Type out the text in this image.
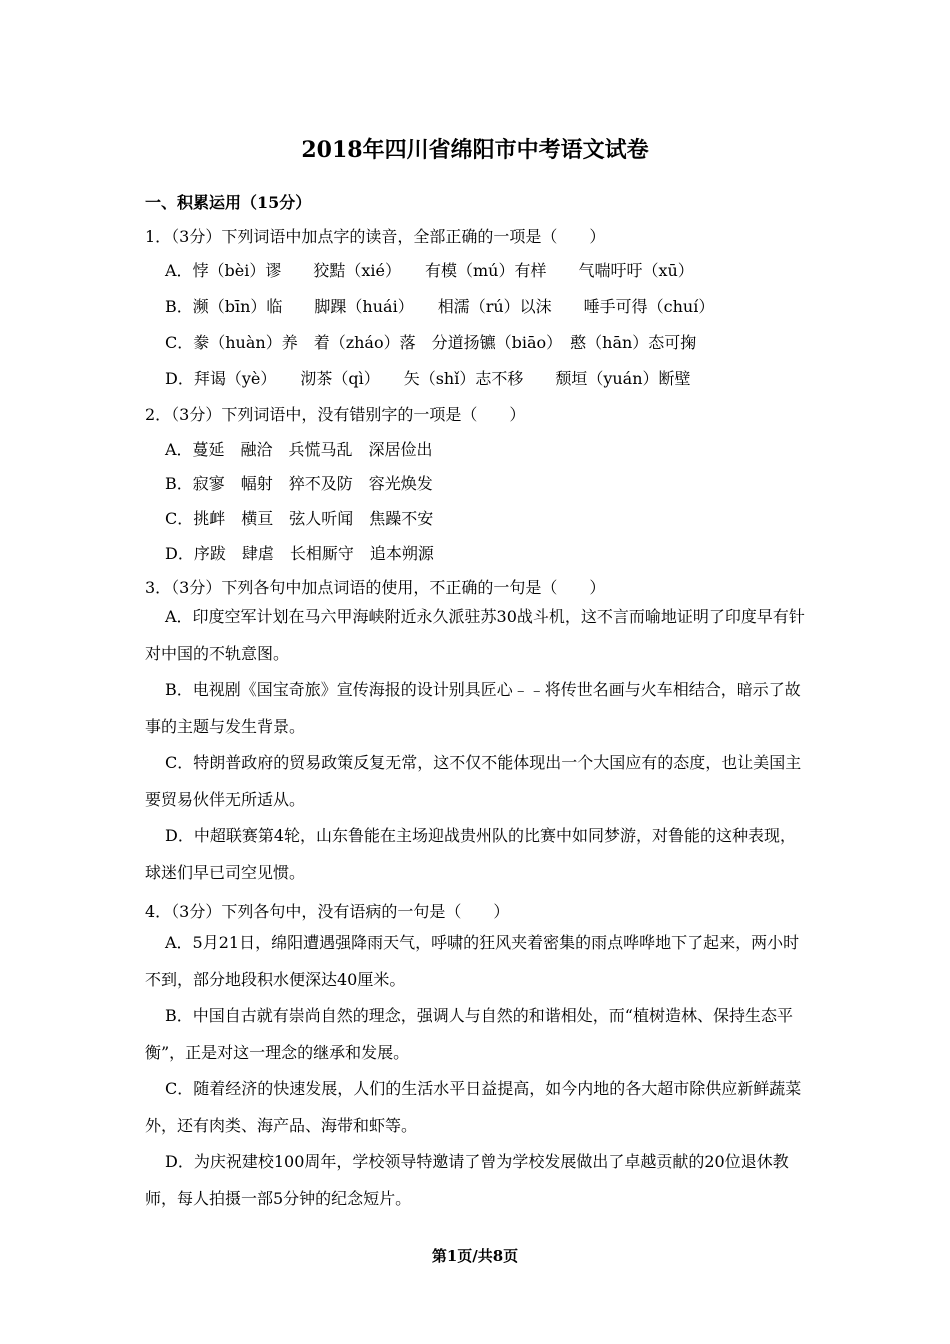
2018年四川省绵阳市中考语文试卷
一、积累运用（15分）
1．（3分）下列词语中加点字的读音，全部正确的一项是（　　）
A．悖（bèi）谬　　狡黠（xié）　　有模（mú）有样　　气喘吁吁（xū）
B．濒（bīn）临　　脚踝（huái）　　相濡（rú）以沫　　唾手可得（chuí）
C．豢（huàn）养　着（zháo）落　分道扬镳（biāo）　憨（hān）态可掬
D．拜谒（yè）　　沏茶（qì）　　矢（shǐ）志不移　　颓垣（yuán）断壁
2．（3分）下列词语中，没有错别字的一项是（　　）
A．蔓延　融洽　兵慌马乱　深居俭出
B．寂寥　幅射　猝不及防　容光焕发
C．挑衅　横亘　弦人听闻　焦躁不安
D．序跋　肆虐　长相厮守　追本朔源
3．（3分）下列各句中加点词语的使用，不正确的一句是（　　）
A．印度空军计划在马六甲海峡附近永久派驻苏30战斗机，这不言而喻地证明了印度早有针对中国的不轨意图。
B．电视剧《国宝奇旅》宣传海报的设计别具匠心﹣﹣将传世名画与火车相结合，暗示了故事的主题与发生背景。
C．特朗普政府的贸易政策反复无常，这不仅不能体现出一个大国应有的态度，也让美国主要贸易伙伴无所适从。
D．中超联赛第4轮，山东鲁能在主场迎战贵州队的比赛中如同梦游，对鲁能的这种表现，球迷们早已司空见惯。
4．（3分）下列各句中，没有语病的一句是（　　）
A．5月21日，绵阳遭遇强降雨天气，呼啸的狂风夹着密集的雨点哗哗地下了起来，两小时不到，部分地段积水便深达40厘米。
B．中国自古就有崇尚自然的理念，强调人与自然的和谐相处，而“植树造林、保持生态平衡”，正是对这一理念的继承和发展。
C．随着经济的快速发展，人们的生活水平日益提高，如今内地的各大超市除供应新鲜蔬菜外，还有肉类、海产品、海带和虾等。
D．为庆祝建校100周年，学校领导特邀请了曾为学校发展做出了卓越贡献的20位退休教师，每人拍摄一部5分钟的纪念短片。
第1页/共8页
